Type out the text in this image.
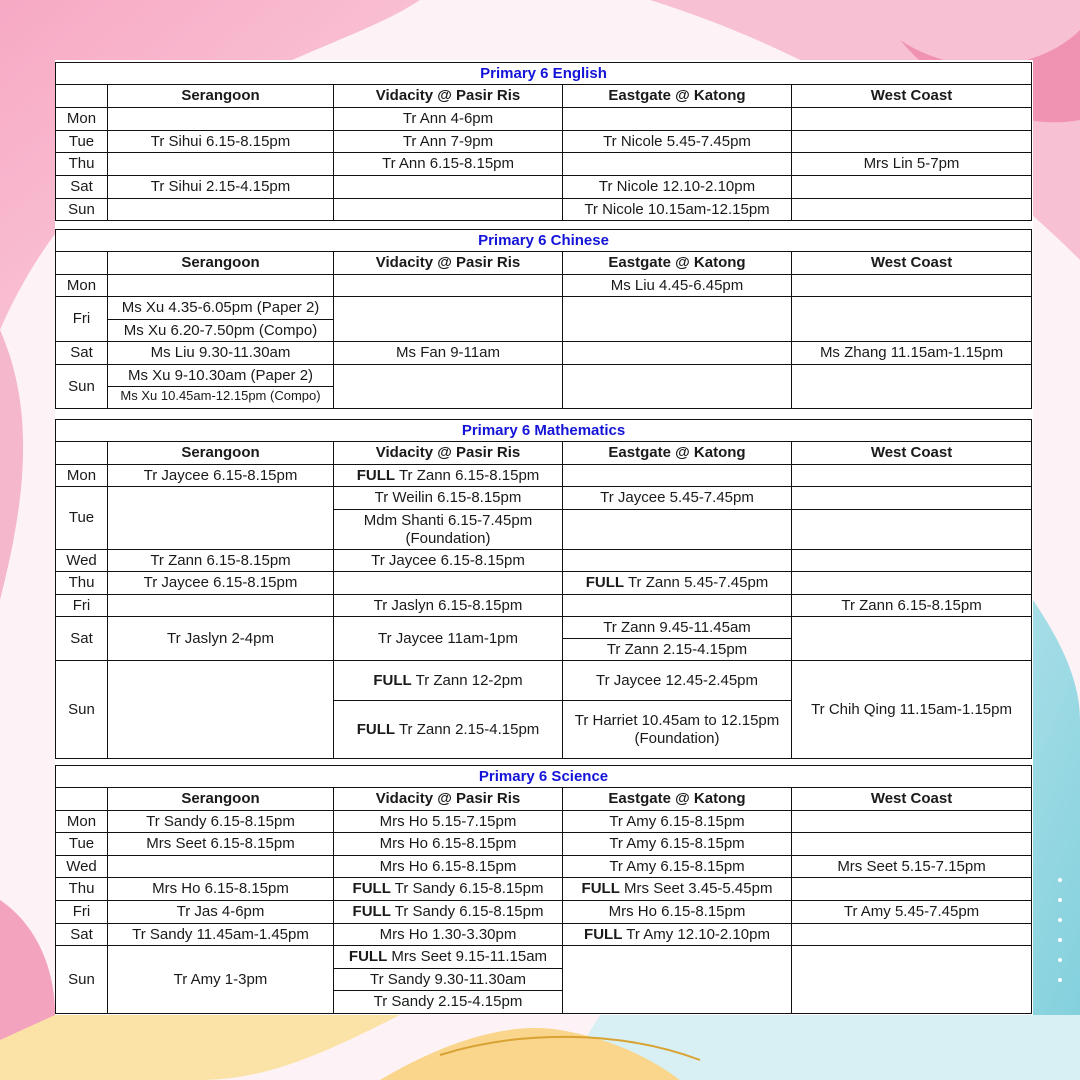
Primary 6 English				
	Serangoon	Vidacity @ Pasir Ris	Eastgate @ Katong	West Coast
Mon		Tr Ann 4-6pm		
Tue	Tr Sihui 6.15-8.15pm	Tr Ann 7-9pm	Tr Nicole 5.45-7.45pm	
Thu		Tr Ann 6.15-8.15pm		Mrs Lin 5-7pm
Sat	Tr Sihui 2.15-4.15pm		Tr Nicole 12.10-2.10pm	
Sun			Tr Nicole 10.15am-12.15pm	
Primary 6 Chinese				
	Serangoon	Vidacity @ Pasir Ris	Eastgate @ Katong	West Coast
Mon			Ms Liu 4.45-6.45pm	
Fri	Ms Xu 4.35-6.05pm (Paper 2)			
	Ms Xu 6.20-7.50pm (Compo)			
Sat	Ms Liu 9.30-11.30am	Ms Fan 9-11am		Ms Zhang 11.15am-1.15pm
Sun	Ms Xu 9-10.30am (Paper 2)			

	Ms Xu 10.45am-12.15pm (Compo)			
Primary 6 Mathematics				
	Serangoon	Vidacity @ Pasir Ris	Eastgate @ Katong	West Coast
Mon	Tr Jaycee 6.15-8.15pm	FULL Tr Zann 6.15-8.15pm		
Tue		Tr Weilin 6.15-8.15pm	Tr Jaycee 5.45-7.45pm	
		Mdm Shanti 6.15-7.45pm (Foundation)		
Wed	Tr Zann 6.15-8.15pm	Tr Jaycee 6.15-8.15pm		
Thu	Tr Jaycee 6.15-8.15pm		FULL Tr Zann 5.45-7.45pm	
Fri		Tr Jaslyn 6.15-8.15pm		Tr Zann 6.15-8.15pm
Sat	Tr Jaslyn 2-4pm	Tr Jaycee 11am-1pm	Tr Zann 9.45-11.45am	
			Tr Zann 2.15-4.15pm	
Sun		FULL Tr Zann 12-2pm	Tr Jaycee 12.45-2.45pm	Tr Chih Qing 11.15am-1.15pm
		FULL Tr Zann 2.15-4.15pm	Tr Harriet 10.45am to 12.15pm (Foundation)	
Primary 6 Science				
	Serangoon	Vidacity @ Pasir Ris	Eastgate @ Katong	West Coast
Mon	Tr Sandy 6.15-8.15pm	Mrs Ho 5.15-7.15pm	Tr Amy 6.15-8.15pm	
Tue	Mrs Seet 6.15-8.15pm	Mrs Ho 6.15-8.15pm	Tr Amy 6.15-8.15pm	
Wed		Mrs Ho 6.15-8.15pm	Tr Amy 6.15-8.15pm	Mrs Seet 5.15-7.15pm
Thu	Mrs Ho 6.15-8.15pm	FULL Tr Sandy 6.15-8.15pm	FULL Mrs Seet 3.45-5.45pm	
Fri	Tr Jas 4-6pm	FULL Tr Sandy 6.15-8.15pm	Mrs Ho 6.15-8.15pm	Tr Amy 5.45-7.45pm
Sat	Tr Sandy 11.45am-1.45pm	Mrs Ho 1.30-3.30pm	FULL Tr Amy 12.10-2.10pm	
Sun	Tr Amy 1-3pm	FULL Mrs Seet 9.15-11.15am		
		Tr Sandy 9.30-11.30am		
		Tr Sandy 2.15-4.15pm		
